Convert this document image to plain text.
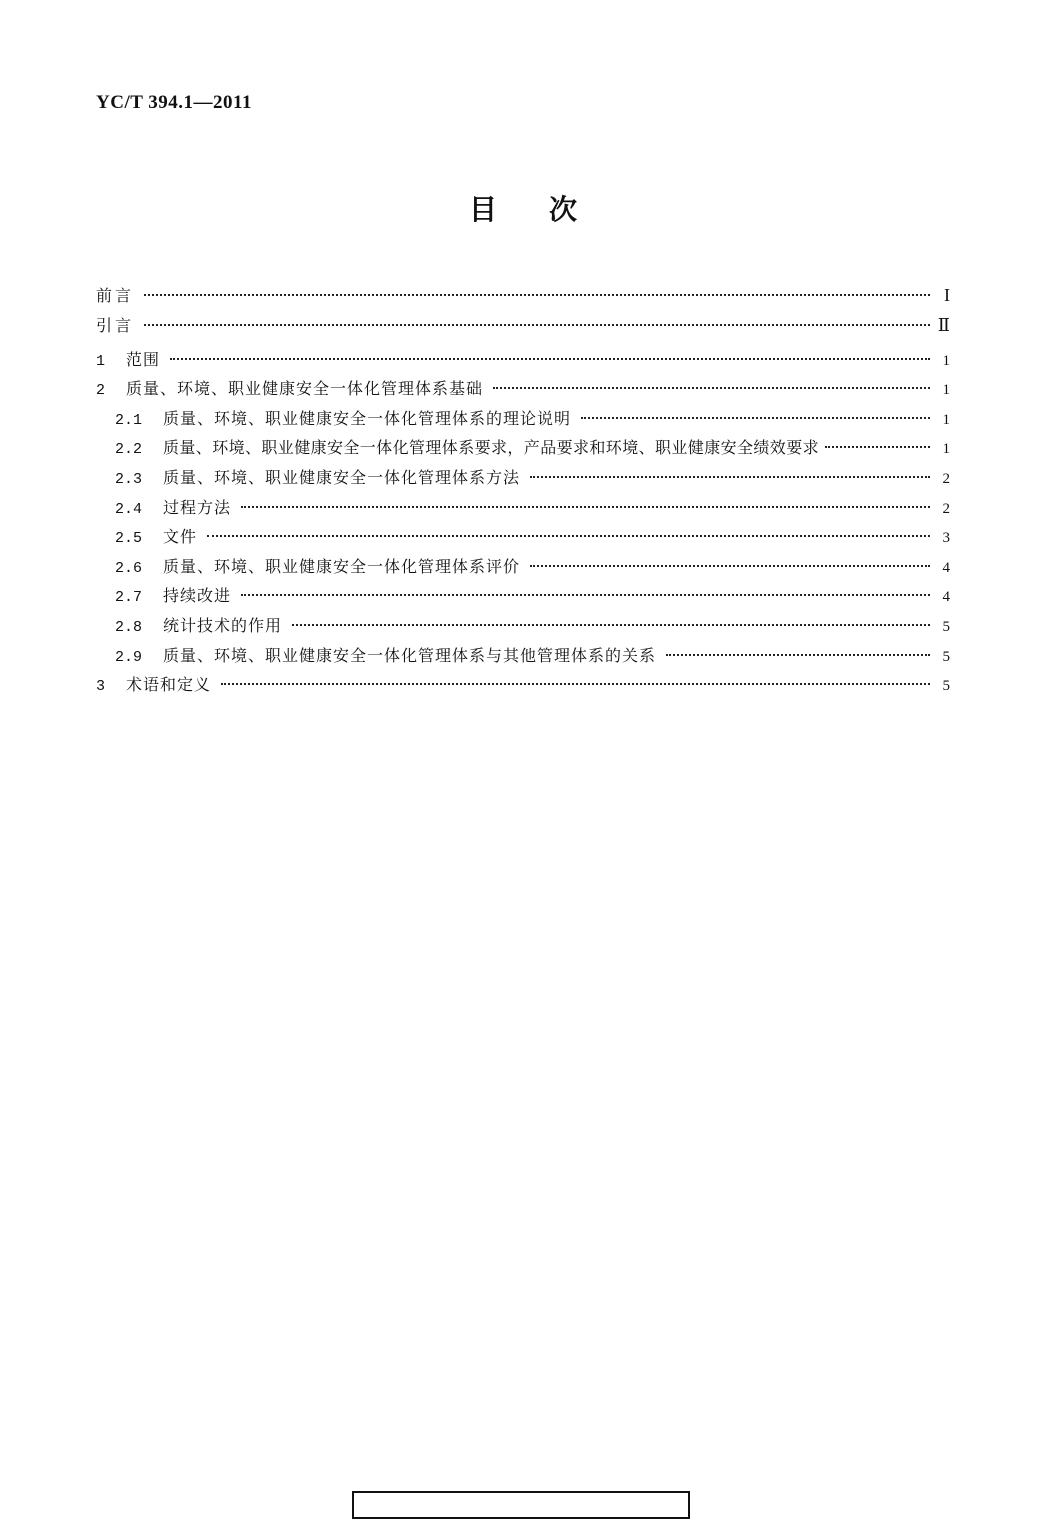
YC/T 394.1—2011
目次
前言	I
引言	Ⅱ
1	范围	1
2	质量、环境、职业健康安全一体化管理体系基础	1
2.1	质量、环境、职业健康安全一体化管理体系的理论说明	1
2.2	质量、环境、职业健康安全一体化管理体系要求，产品要求和环境、职业健康安全绩效要求	1
2.3	质量、环境、职业健康安全一体化管理体系方法	2
2.4	过程方法	2
2.5	文件	3
2.6	质量、环境、职业健康安全一体化管理体系评价	4
2.7	持续改进	4
2.8	统计技术的作用	5
2.9	质量、环境、职业健康安全一体化管理体系与其他管理体系的关系	5
3	术语和定义	5
